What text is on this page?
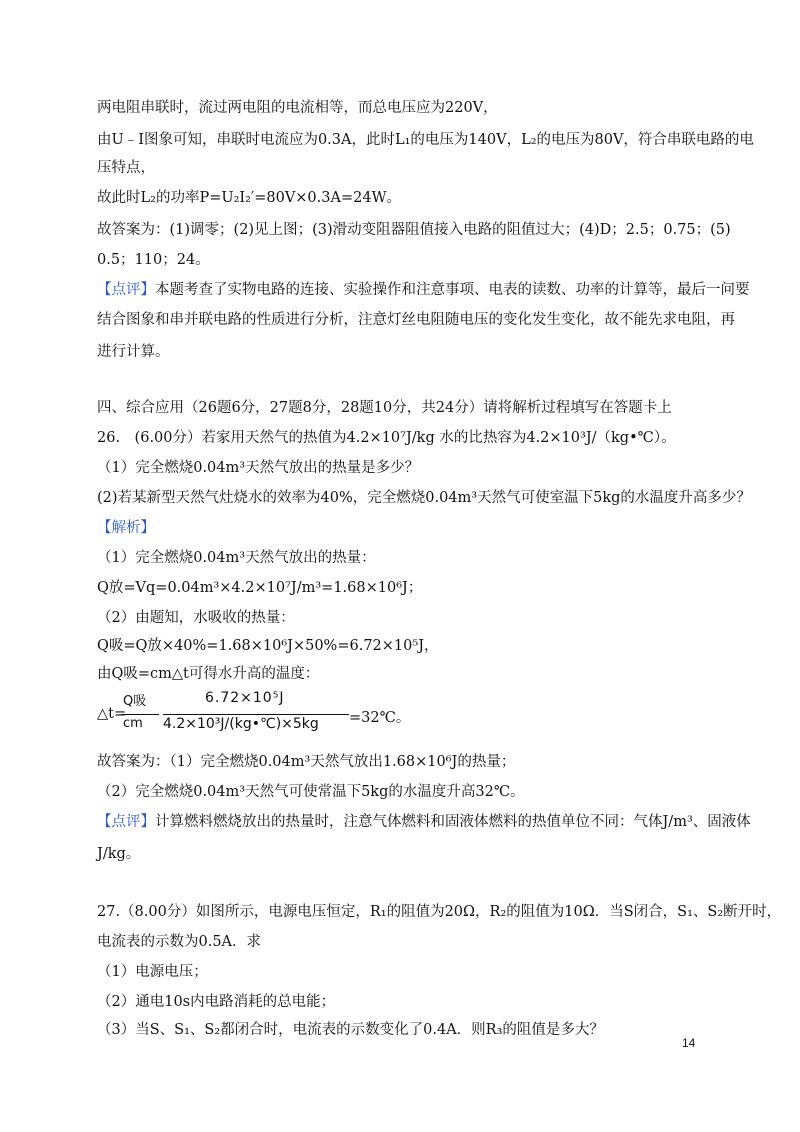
两电阻串联时，流过两电阻的电流相等，而总电压应为220V，
由U﹣I图象可知，串联时电流应为0.3A，此时L₁的电压为140V，L₂的电压为80V，符合串联电路的电
压特点，
故此时L₂的功率P=U₂I₂′=80V×0.3A=24W。
故答案为：(1)调零；(2)见上图；(3)滑动变阻器阻值接入电路的阻值过大；(4)D；2.5；0.75；(5)
0.5；110；24。
【点评】本题考查了实物电路的连接、实验操作和注意事项、电表的读数、功率的计算等，最后一问要
结合图象和串并联电路的性质进行分析，注意灯丝电阻随电压的变化发生变化，故不能先求电阻，再
进行计算。
四、综合应用（26题6分，27题8分，28题10分，共24分）请将解析过程填写在答题卡上
26.　(6.00分）若家用天然气的热值为4.2×10⁷J/kg 水的比热容为4.2×10³J/（kg•℃）。
（1）完全燃烧0.04m³天然气放出的热量是多少？
(2)若某新型天然气灶烧水的效率为40%，完全燃烧0.04m³天然气可使室温下5kg的水温度升高多少？
【解析】
（1）完全燃烧0.04m³天然气放出的热量：
Q放=Vq=0.04m³×4.2×10⁷J/m³=1.68×10⁶J；
（2）由题知，水吸收的热量：
Q吸=Q放×40%=1.68×10⁶J×50%=6.72×10⁵J，
由Q吸=cm△t可得水升高的温度：
△t=
Q吸
cm
6.72×10⁵J
4.2×10³J/(kg•℃)×5kg =32℃。
故答案为：（1）完全燃烧0.04m³天然气放出1.68×10⁶J的热量；
（2）完全燃烧0.04m³天然气可使常温下5kg的水温度升高32℃。
【点评】计算燃料燃烧放出的热量时，注意气体燃料和固液体燃料的热值单位不同：气体J/m³、固液体
J/kg。
27.（8.00分）如图所示，电源电压恒定，R₁的阻值为20Ω，R₂的阻值为10Ω．当S闭合，S₁、S₂断开时，
电流表的示数为0.5A．求
（1）电源电压；
（2）通电10s内电路消耗的总电能；
（3）当S、S₁、S₂都闭合时，电流表的示数变化了0.4A．则R₃的阻值是多大？
14
